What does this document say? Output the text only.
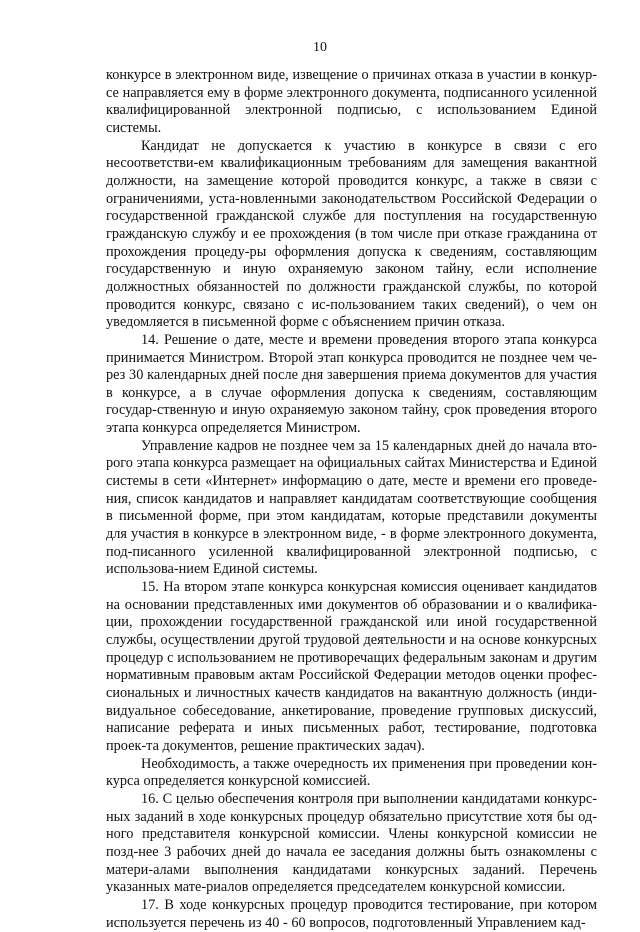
10

конкурсе в электронном виде, извещение о причинах отказа в участии в конкур-се направляется ему в форме электронного документа, подписанного усиленной квалифицированной электронной подписью, с использованием Единой системы.

Кандидат не допускается к участию в конкурсе в связи с его несоответстви-ем квалификационным требованиям для замещения вакантной должности, на замещение которой проводится конкурс, а также в связи с ограничениями, уста-новленными законодательством Российской Федерации о государственной гражданской службе для поступления на государственную гражданскую службу и ее прохождения (в том числе при отказе гражданина от прохождения процеду-ры оформления допуска к сведениям, составляющим государственную и иную охраняемую законом тайну, если исполнение должностных обязанностей по должности гражданской службы, по которой проводится конкурс, связано с ис-пользованием таких сведений), о чем он уведомляется в письменной форме с объяснением причин отказа.

14. Решение о дате, месте и времени проведения второго этапа конкурса принимается Министром. Второй этап конкурса проводится не позднее чем че-рез 30 календарных дней после дня завершения приема документов для участия в конкурсе, а в случае оформления допуска к сведениям, составляющим государ-ственную и иную охраняемую законом тайну, срок проведения второго этапа конкурса определяется Министром.

Управление кадров не позднее чем за 15 календарных дней до начала вто-рого этапа конкурса размещает на официальных сайтах Министерства и Единой системы в сети «Интернет» информацию о дате, месте и времени его проведе-ния, список кандидатов и направляет кандидатам соответствующие сообщения в письменной форме, при этом кандидатам, которые представили документы для участия в конкурсе в электронном виде, - в форме электронного документа, под-писанного усиленной квалифицированной электронной подписью, с использова-нием Единой системы.

15. На втором этапе конкурса конкурсная комиссия оценивает кандидатов на основании представленных ими документов об образовании и о квалифика-ции, прохождении государственной гражданской или иной государственной службы, осуществлении другой трудовой деятельности и на основе конкурсных процедур с использованием не противоречащих федеральным законам и другим нормативным правовым актам Российской Федерации методов оценки профес-сиональных и личностных качеств кандидатов на вакантную должность (инди-видуальное собеседование, анкетирование, проведение групповых дискуссий, написание реферата и иных письменных работ, тестирование, подготовка проек-та документов, решение практических задач).

Необходимость, а также очередность их применения при проведении кон-курса определяется конкурсной комиссией.

16. С целью обеспечения контроля при выполнении кандидатами конкурс-ных заданий в ходе конкурсных процедур обязательно присутствие хотя бы од-ного представителя конкурсной комиссии. Члены конкурсной комиссии не позд-нее 3 рабочих дней до начала ее заседания должны быть ознакомлены с матери-алами выполнения кандидатами конкурсных заданий. Перечень указанных мате-риалов определяется председателем конкурсной комиссии.

17. В ходе конкурсных процедур проводится тестирование, при котором используется перечень из 40 - 60 вопросов, подготовленный Управлением кад-
